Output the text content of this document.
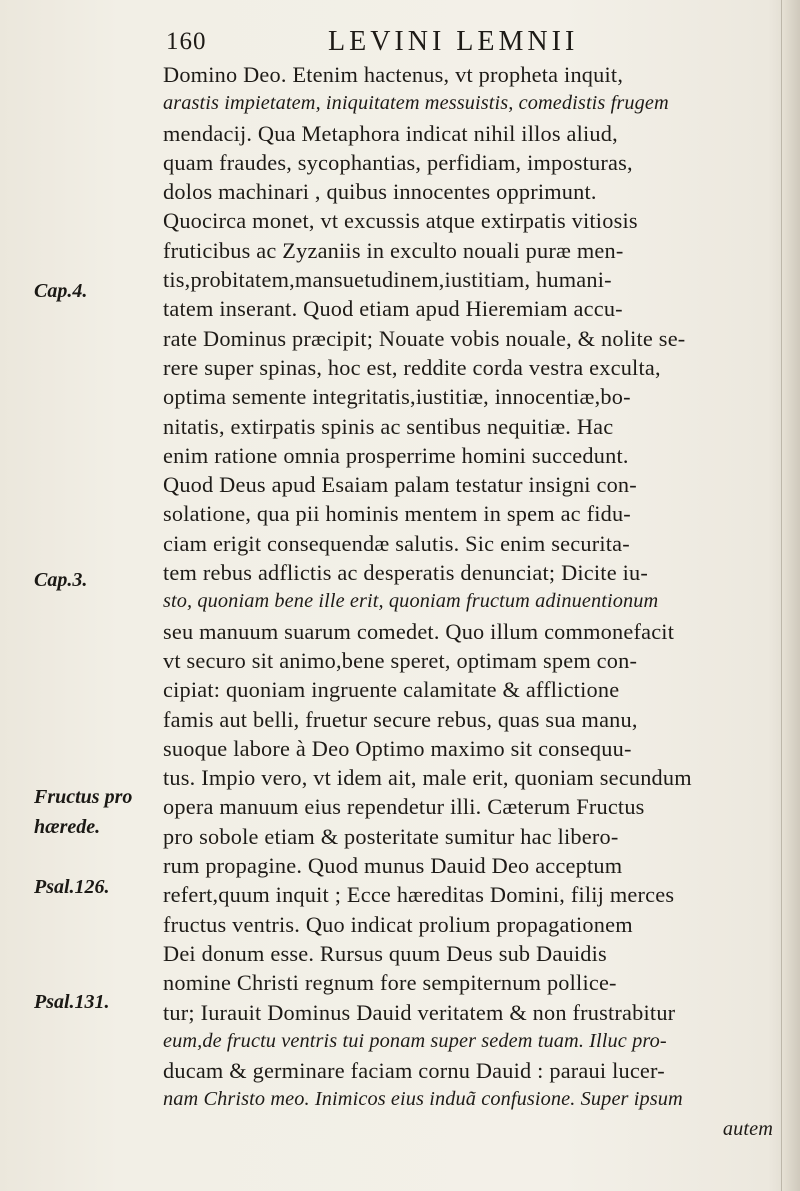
160	LEVINI LEMNII
Cap.4.
Cap.3.
Fructus pro
hærede.
Psal.126.
Psal.131.
Domino Deo. Etenim hactenus, vt propheta inquit,
arastis impietatem, iniquitatem messuistis, comedistis frugem
mendacij. Qua Metaphora indicat nihil illos aliud,
quam fraudes, sycophantias, perfidiam, imposturas,
dolos machinari , quibus innocentes opprimunt.
Quocirca monet, vt excussis atque extirpatis vitiosis
fruticibus ac Zyzaniis in exculto nouali puræ men-
tis,probitatem,mansuetudinem,iustitiam, humani-
tatem inserant. Quod etiam apud Hieremiam accu-
rate Dominus præcipit; Nouate vobis nouale, & nolite se-
rere super spinas, hoc est, reddite corda vestra exculta,
optima semente integritatis,iustitiæ, innocentiæ,bo-
nitatis, extirpatis spinis ac sentibus nequitiæ. Hac
enim ratione omnia prosperrime homini succedunt.
Quod Deus apud Esaiam palam testatur insigni con-
solatione, qua pii hominis mentem in spem ac fidu-
ciam erigit consequendæ salutis. Sic enim securita-
tem rebus adflictis ac desperatis denunciat; Dicite iu-
sto, quoniam bene ille erit, quoniam fructum adinuentionum
seu manuum suarum comedet. Quo illum commonefacit
vt securo sit animo,bene speret, optimam spem con-
cipiat: quoniam ingruente calamitate & afflictione
famis aut belli, fruetur secure rebus, quas sua manu,
suoque labore à Deo Optimo maximo sit consequu-
tus. Impio vero, vt idem ait, male erit, quoniam secundum
opera manuum eius rependetur illi. Cæterum Fructus
pro sobole etiam & posteritate sumitur hac libero-
rum propagine. Quod munus Dauid Deo acceptum
refert,quum inquit ; Ecce hæreditas Domini, filij merces
fructus ventris. Quo indicat prolium propagationem
Dei donum esse. Rursus quum Deus sub Dauidis
nomine Christi regnum fore sempiternum pollice-
tur; Iurauit Dominus Dauid veritatem & non frustrabitur
eum,de fructu ventris tui ponam super sedem tuam. Illuc pro-
ducam & germinare faciam cornu Dauid : paraui lucer-
nam Christo meo. Inimicos eius induã confusione. Super ipsum
autem
